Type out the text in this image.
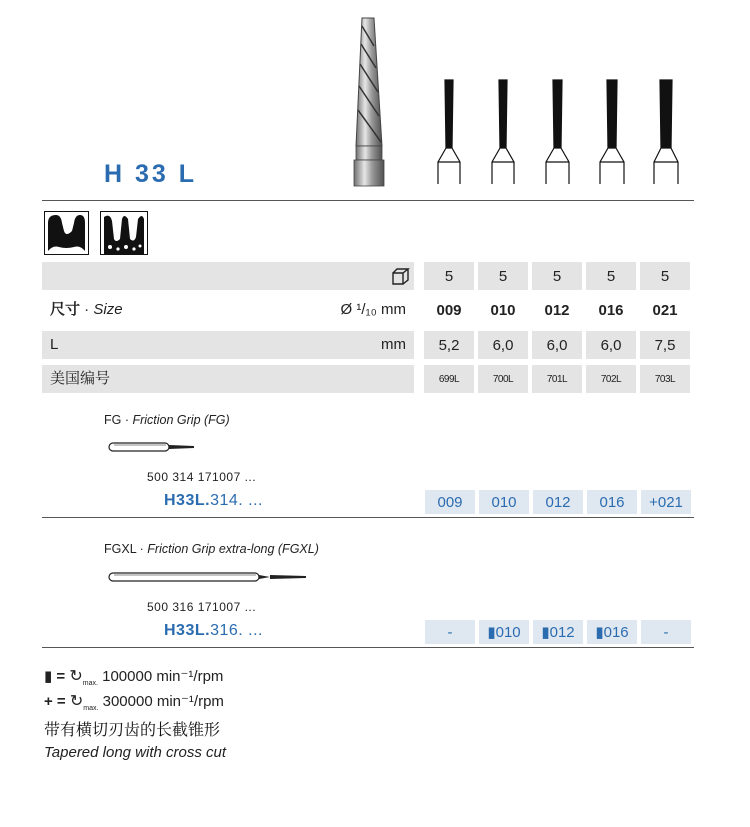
H 33 L
5	5	5	5	5
尺寸 · Size	Ø ¹/₁₀ mm	009	010	012	016	021
L	mm	5,2	6,0	6,0	6,0	7,5
美国编号	699L	700L	701L	702L	703L
FG · Friction Grip (FG)
500 314 171007 ...
H33L.314. ...	009	010	012	016	+021
FGXL · Friction Grip extra-long (FGXL)
500 316 171007 ...
H33L.316. ...	-	▮010	▮012	▮016	-
▮ = $↻_{max.}$ 100000 min⁻¹/rpm
+ = $↻_{max.}$ 300000 min⁻¹/rpm
带有横切刃齿的长截锥形
Tapered long with cross cut
